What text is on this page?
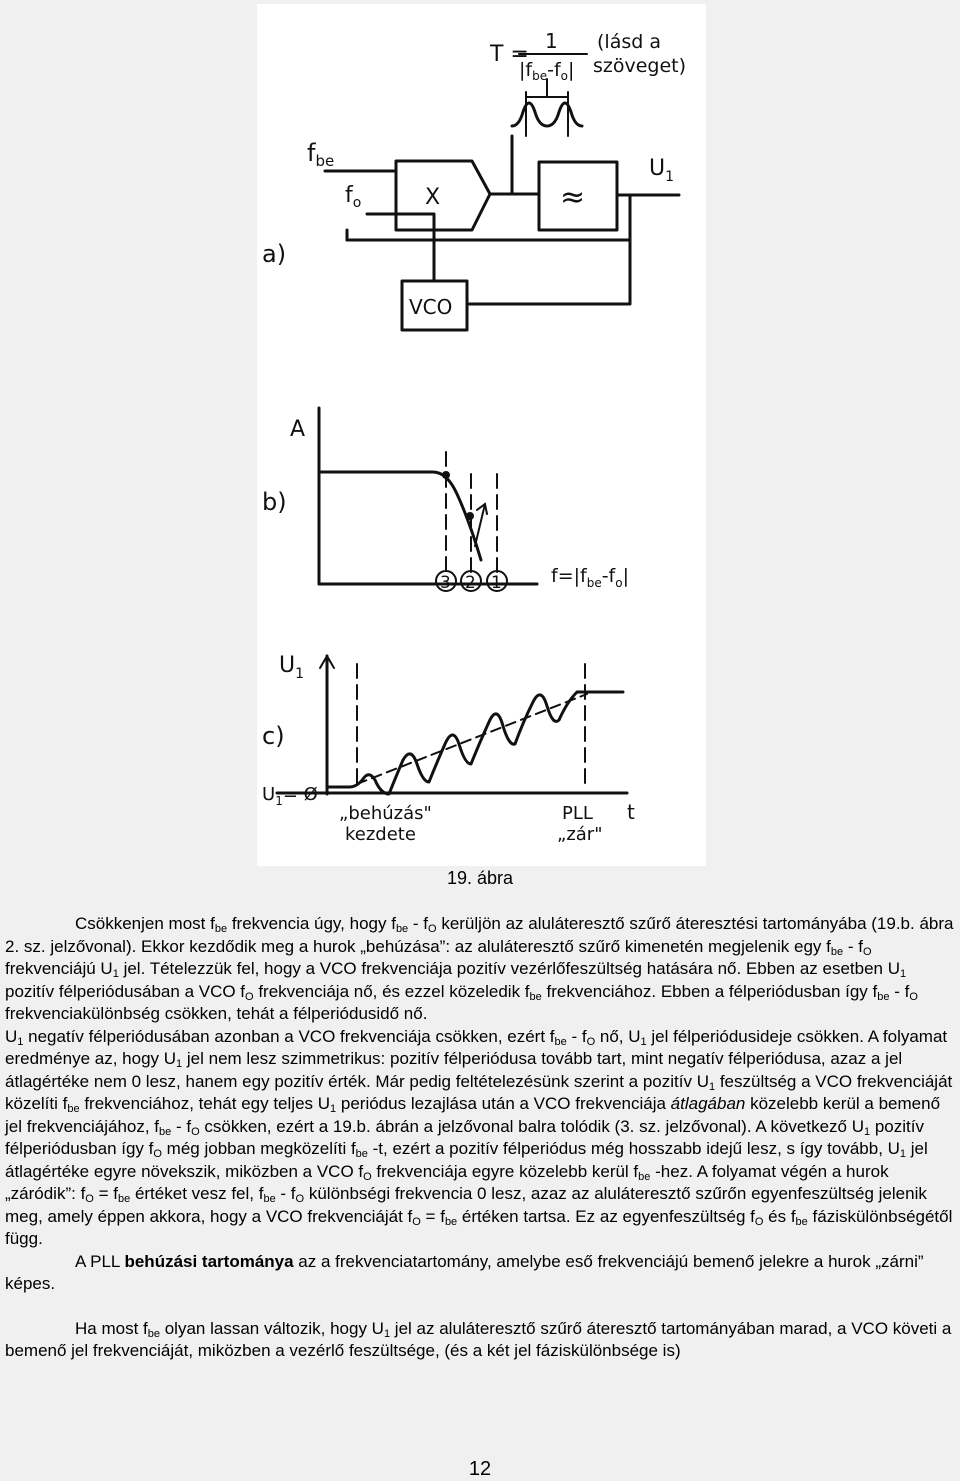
T =
1
$|f_{be}-f_o|$
(lásd a
szöveget)
$f_{be}$
$f_o$	X	≈
$U_1$
VCO
a)
A
b)
3 2 1	$f=|f_{be}-f_o|$
$U_1$
c)
$U_1=$ Ø
„behúzás"
kezdete
PLL
„zár"
t
19. ábra

Csökkenjen most $f_{be}$ frekvencia úgy, hogy $f_{be} - f_O$ kerüljön az aluláteresztő szűrő áteresztési tartományába (19.b. ábra 2. sz. jelzővonal). Ekkor kezdődik meg a hurok „behúzása”: az aluláteresztő szűrő kimenetén megjelenik egy $f_{be} - f_O$ frekvenciájú $U_1$ jel. Tételezzük fel, hogy a VCO frekvenciája pozitív vezérlőfeszültség hatására nő. Ebben az esetben $U_1$ pozitív félperiódusában a VCO $f_O$ frekvenciája nő, és ezzel közeledik $f_{be}$ frekvenciához. Ebben a félperiódusban így $f_{be} - f_O$ frekvenciakülönbség csökken, tehát a félperiódusidő nő.

$U_1$ negatív félperiódusában azonban a VCO frekvenciája csökken, ezért $f_{be} - f_O$ nő, $U_1$ jel félperiódusideje csökken. A folyamat eredménye az, hogy $U_1$ jel nem lesz szimmetrikus: pozitív félperiódusa tovább tart, mint negatív félperiódusa, azaz a jel átlagértéke nem 0 lesz, hanem egy pozitív érték. Már pedig feltételezésünk szerint a pozitív $U_1$ feszültség a VCO frekvenciáját közelíti $f_{be}$ frekvenciához, tehát egy teljes $U_1$ periódus lezajlása után a VCO frekvenciája átlagában közelebb kerül a bemenő jel frekvenciájához, $f_{be} - f_O$ csökken, ezért a 19.b. ábrán a jelzővonal balra tolódik (3. sz. jelzővonal). A következő $U_1$ pozitív félperiódusban így $f_O$ még jobban megközelíti $f_{be}$ -t, ezért a pozitív félperiódus még hosszabb idejű lesz, s így tovább, $U_1$ jel átlagértéke egyre növekszik, miközben a VCO $f_O$ frekvenciája egyre közelebb kerül $f_{be}$ -hez. A folyamat végén a hurok „záródik”: $f_O = f_{be}$ értéket vesz fel, $f_{be} - f_O$ különbségi frekvencia 0 lesz, azaz az aluláteresztő szűrőn egyenfeszültség jelenik meg, amely éppen akkora, hogy a VCO frekvenciáját $f_O = f_{be}$ értéken tartsa. Ez az egyenfeszültség $f_O$ és $f_{be}$ fáziskülönbségétől függ.

A PLL behúzási tartománya az a frekvenciatartomány, amelybe eső frekvenciájú bemenő jelekre a hurok „zárni” képes.

Ha most $f_{be}$ olyan lassan változik, hogy $U_1$ jel az aluláteresztő szűrő áteresztő tartományában marad, a VCO követi a bemenő jel frekvenciáját, miközben a vezérlő feszültsége, (és a két jel fáziskülönbsége is)

12
